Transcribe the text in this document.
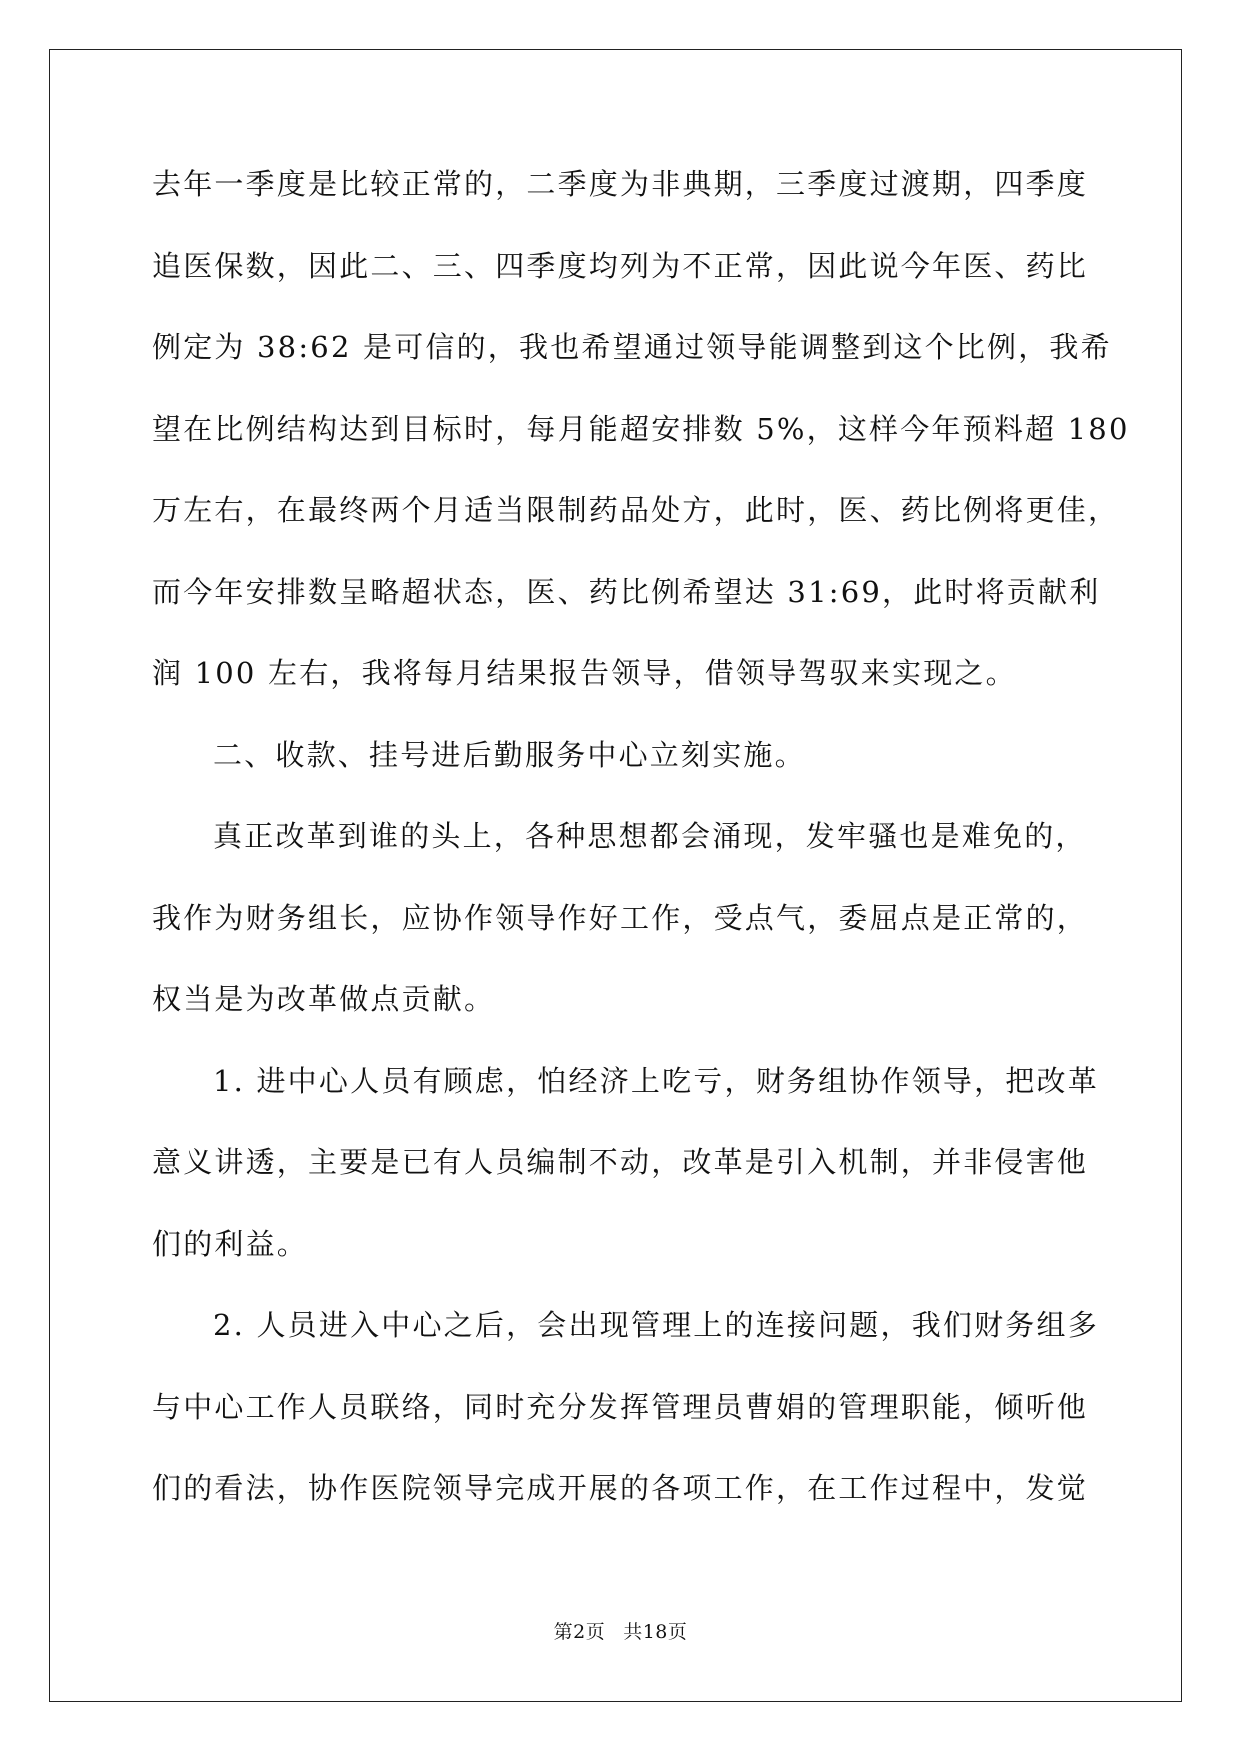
去年一季度是比较正常的，二季度为非典期，三季度过渡期，四季度
追医保数，因此二、三、四季度均列为不正常，因此说今年医、药比
例定为 38:62 是可信的，我也希望通过领导能调整到这个比例，我希
望在比例结构达到目标时，每月能超安排数 5%，这样今年预料超 180
万左右，在最终两个月适当限制药品处方，此时，医、药比例将更佳，
而今年安排数呈略超状态，医、药比例希望达 31:69，此时将贡献利
润 100 左右，我将每月结果报告领导，借领导驾驭来实现之。
二、收款、挂号进后勤服务中心立刻实施。
真正改革到谁的头上，各种思想都会涌现，发牢骚也是难免的，
我作为财务组长，应协作领导作好工作，受点气，委屈点是正常的，
权当是为改革做点贡献。
1. 进中心人员有顾虑，怕经济上吃亏，财务组协作领导，把改革
意义讲透，主要是已有人员编制不动，改革是引入机制，并非侵害他
们的利益。
2. 人员进入中心之后，会出现管理上的连接问题，我们财务组多
与中心工作人员联络，同时充分发挥管理员曹娟的管理职能，倾听他
们的看法，协作医院领导完成开展的各项工作，在工作过程中，发觉
第2页 共18页
